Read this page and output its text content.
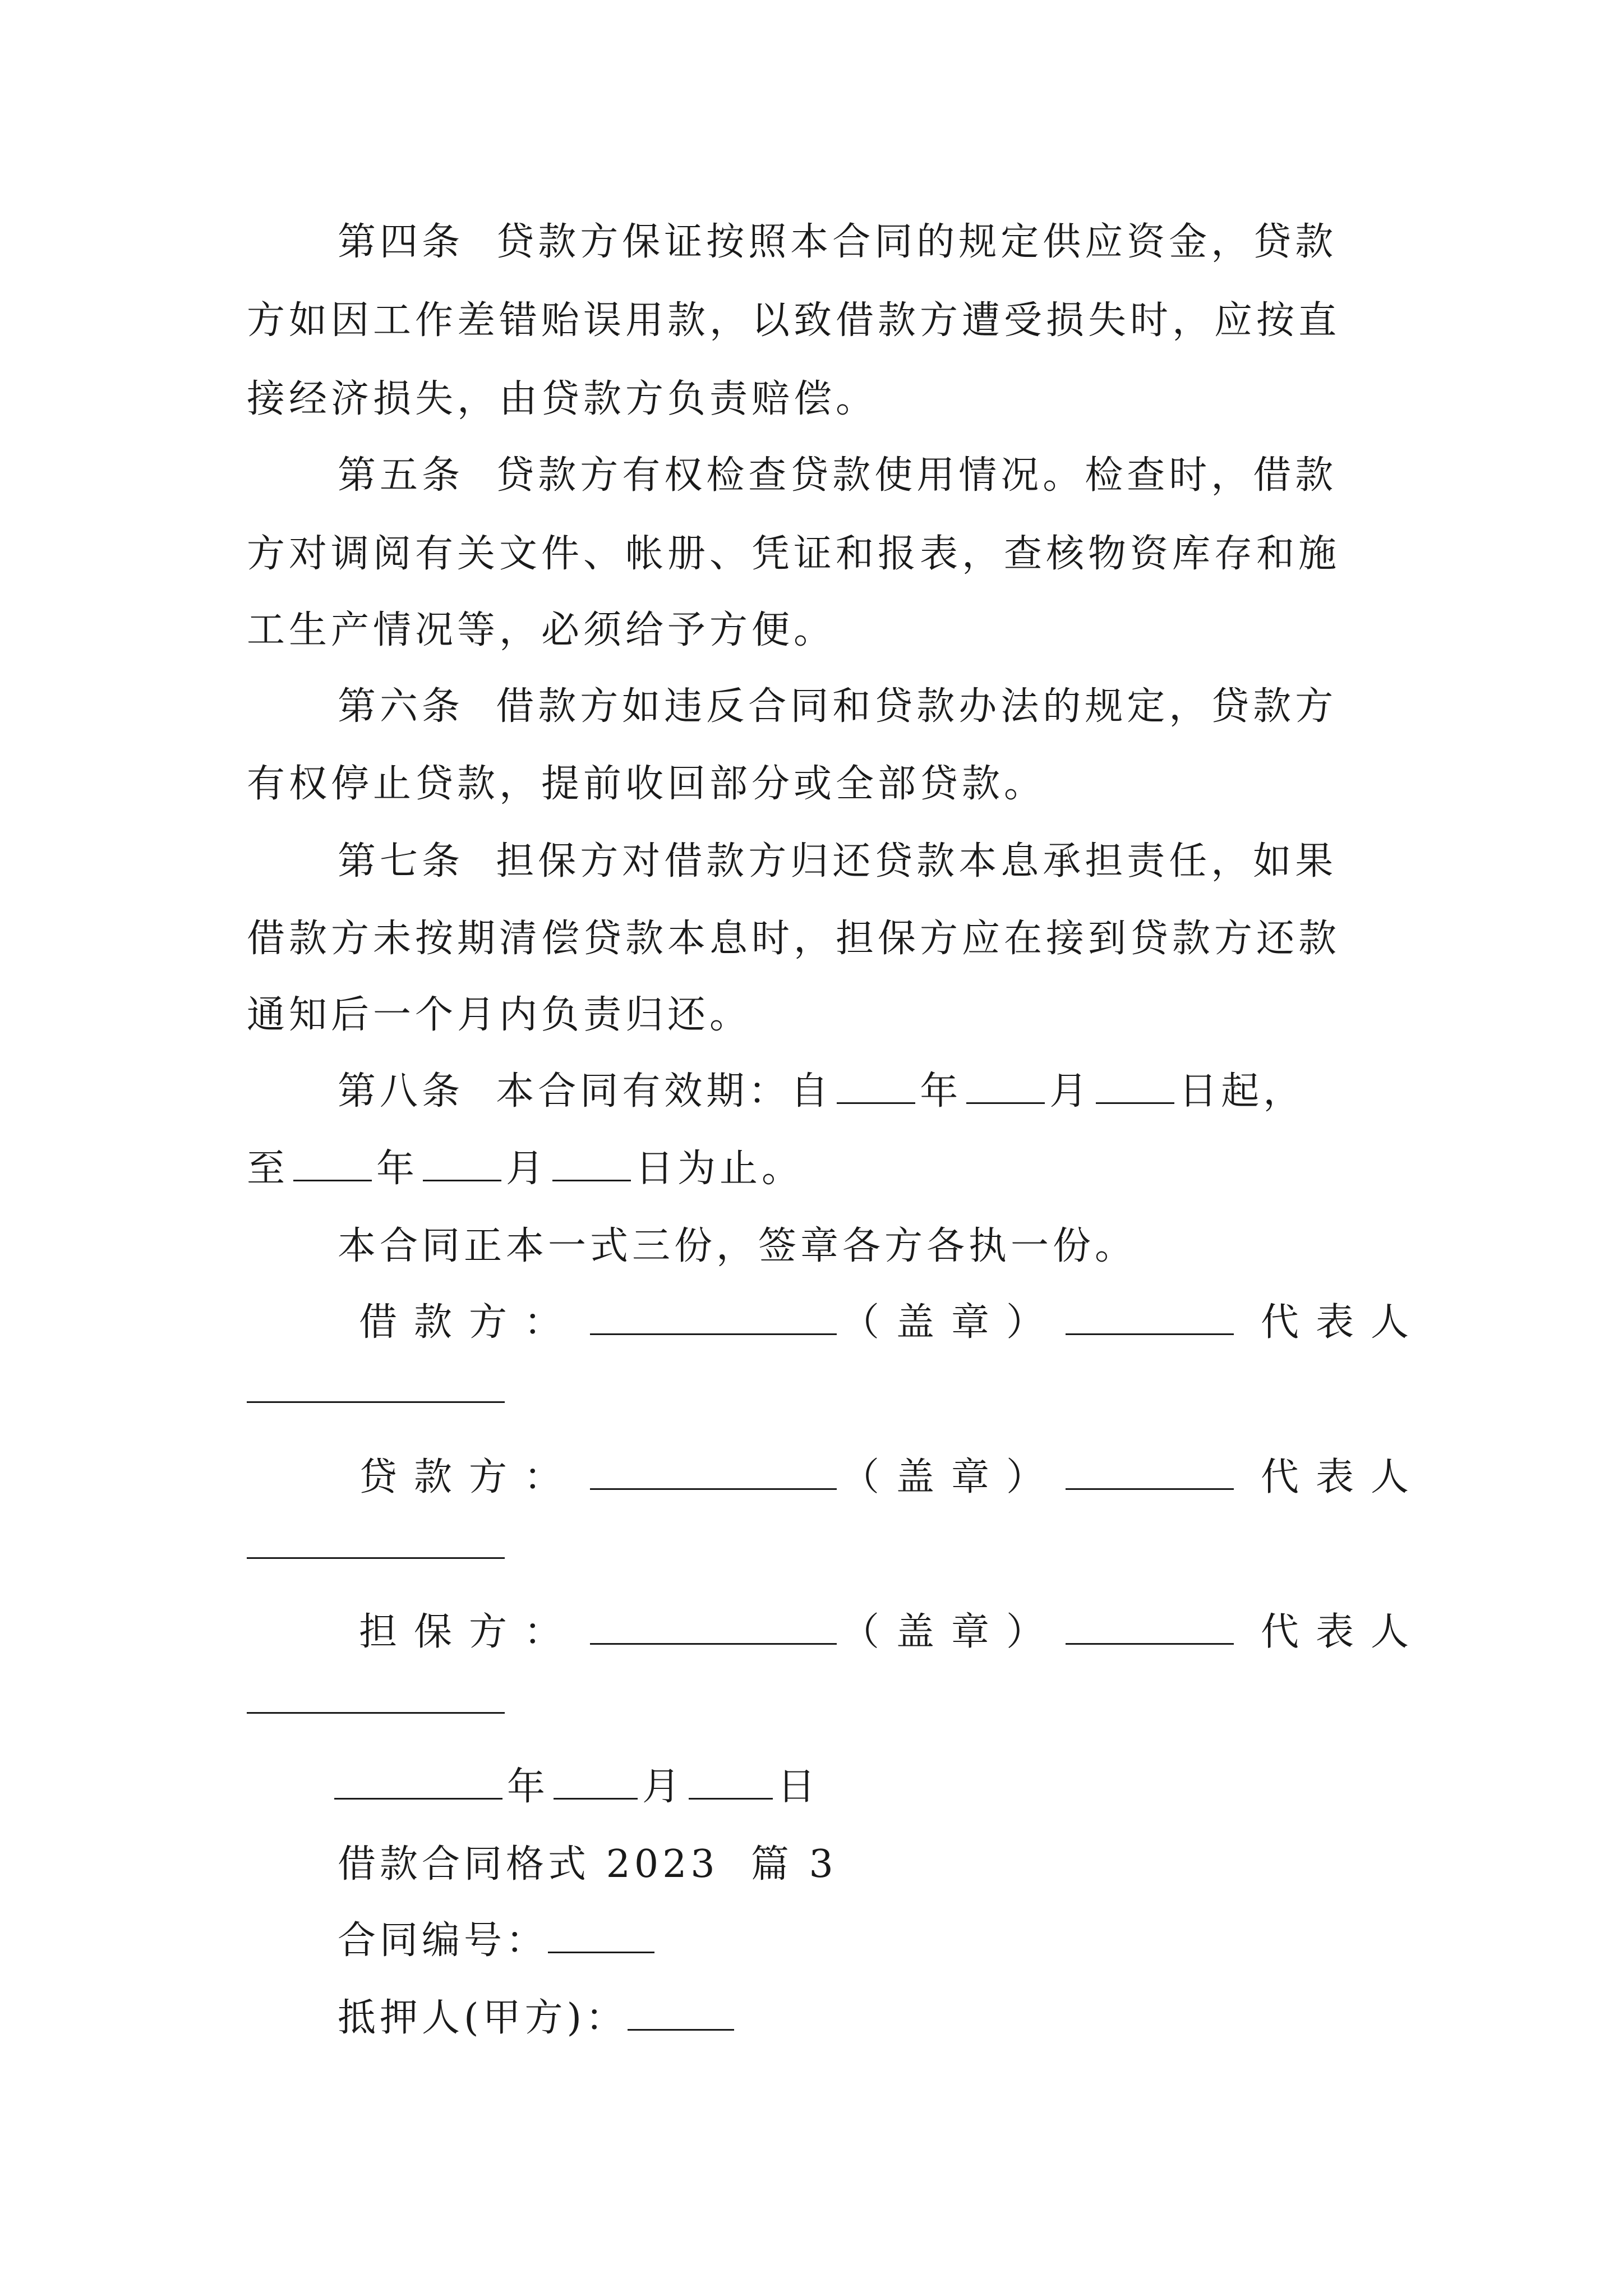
第四条  贷款方保证按照本合同的规定供应资金，贷款
方如因工作差错贻误用款，以致借款方遭受损失时，应按直
接经济损失，由贷款方负责赔偿。
第五条  贷款方有权检查贷款使用情况。检查时，借款
方对调阅有关文件、帐册、凭证和报表，查核物资库存和施
工生产情况等，必须给予方便。
第六条  借款方如违反合同和贷款办法的规定，贷款方
有权停止贷款，提前收回部分或全部贷款。
第七条  担保方对借款方归还贷款本息承担责任，如果
借款方未按期清偿贷款本息时，担保方应在接到贷款方还款
通知后一个月内负责归还。
第八条  本合同有效期：自 年 月 日起，
至 年 月 日为止。
本合同正本一式三份，签章各方各执一份。
借款方：	（盖章）	代表人
贷款方：	（盖章）	代表人
担保方：	（盖章）	代表人
年 月 日
借款合同格式 2023  篇 3
合同编号：
抵押人(甲方)：
